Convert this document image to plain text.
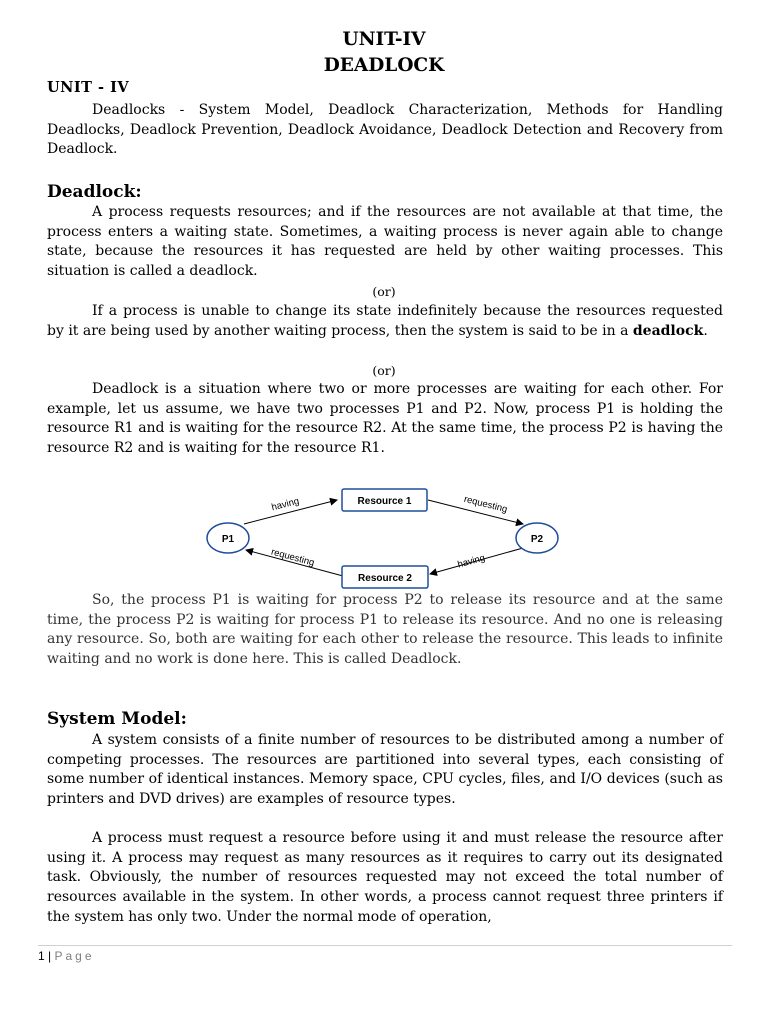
UNIT-IV
DEADLOCK
UNIT - IV

Deadlocks - System Model, Deadlock Characterization, Methods for Handling Deadlocks, Deadlock Prevention, Deadlock Avoidance, Deadlock Detection and Recovery from Deadlock.

Deadlock:

A process requests resources; and if the resources are not available at that time, the process enters a waiting state. Sometimes, a waiting process is never again able to change state, because the resources it has requested are held by other waiting processes. This situation is called a deadlock.

(or)

If a process is unable to change its state indefinitely because the resources requested by it are being used by another waiting process, then the system is said to be in a deadlock.

(or)

Deadlock is a situation where two or more processes are waiting for each other. For example, let us assume, we have two processes P1 and P2. Now, process P1 is holding the resource R1 and is waiting for the resource R2. At the same time, the process P2 is having the resource R2 and is waiting for the resource R1.

P1	P2
Resource 1
Resource 2
having	requesting
having
requesting

So, the process P1 is waiting for process P2 to release its resource and at the same time, the process P2 is waiting for process P1 to release its resource. And no one is releasing any resource. So, both are waiting for each other to release the resource. This leads to infinite waiting and no work is done here. This is called Deadlock.

System Model:

A system consists of a finite number of resources to be distributed among a number of competing processes. The resources are partitioned into several types, each consisting of some number of identical instances. Memory space, CPU cycles, files, and I/O devices (such as printers and DVD drives) are examples of resource types.

A process must request a resource before using it and must release the resource after using it. A process may request as many resources as it requires to carry out its designated task. Obviously, the number of resources requested may not exceed the total number of resources available in the system. In other words, a process cannot request three printers if the system has only two. Under the normal mode of operation,

1 | Page
